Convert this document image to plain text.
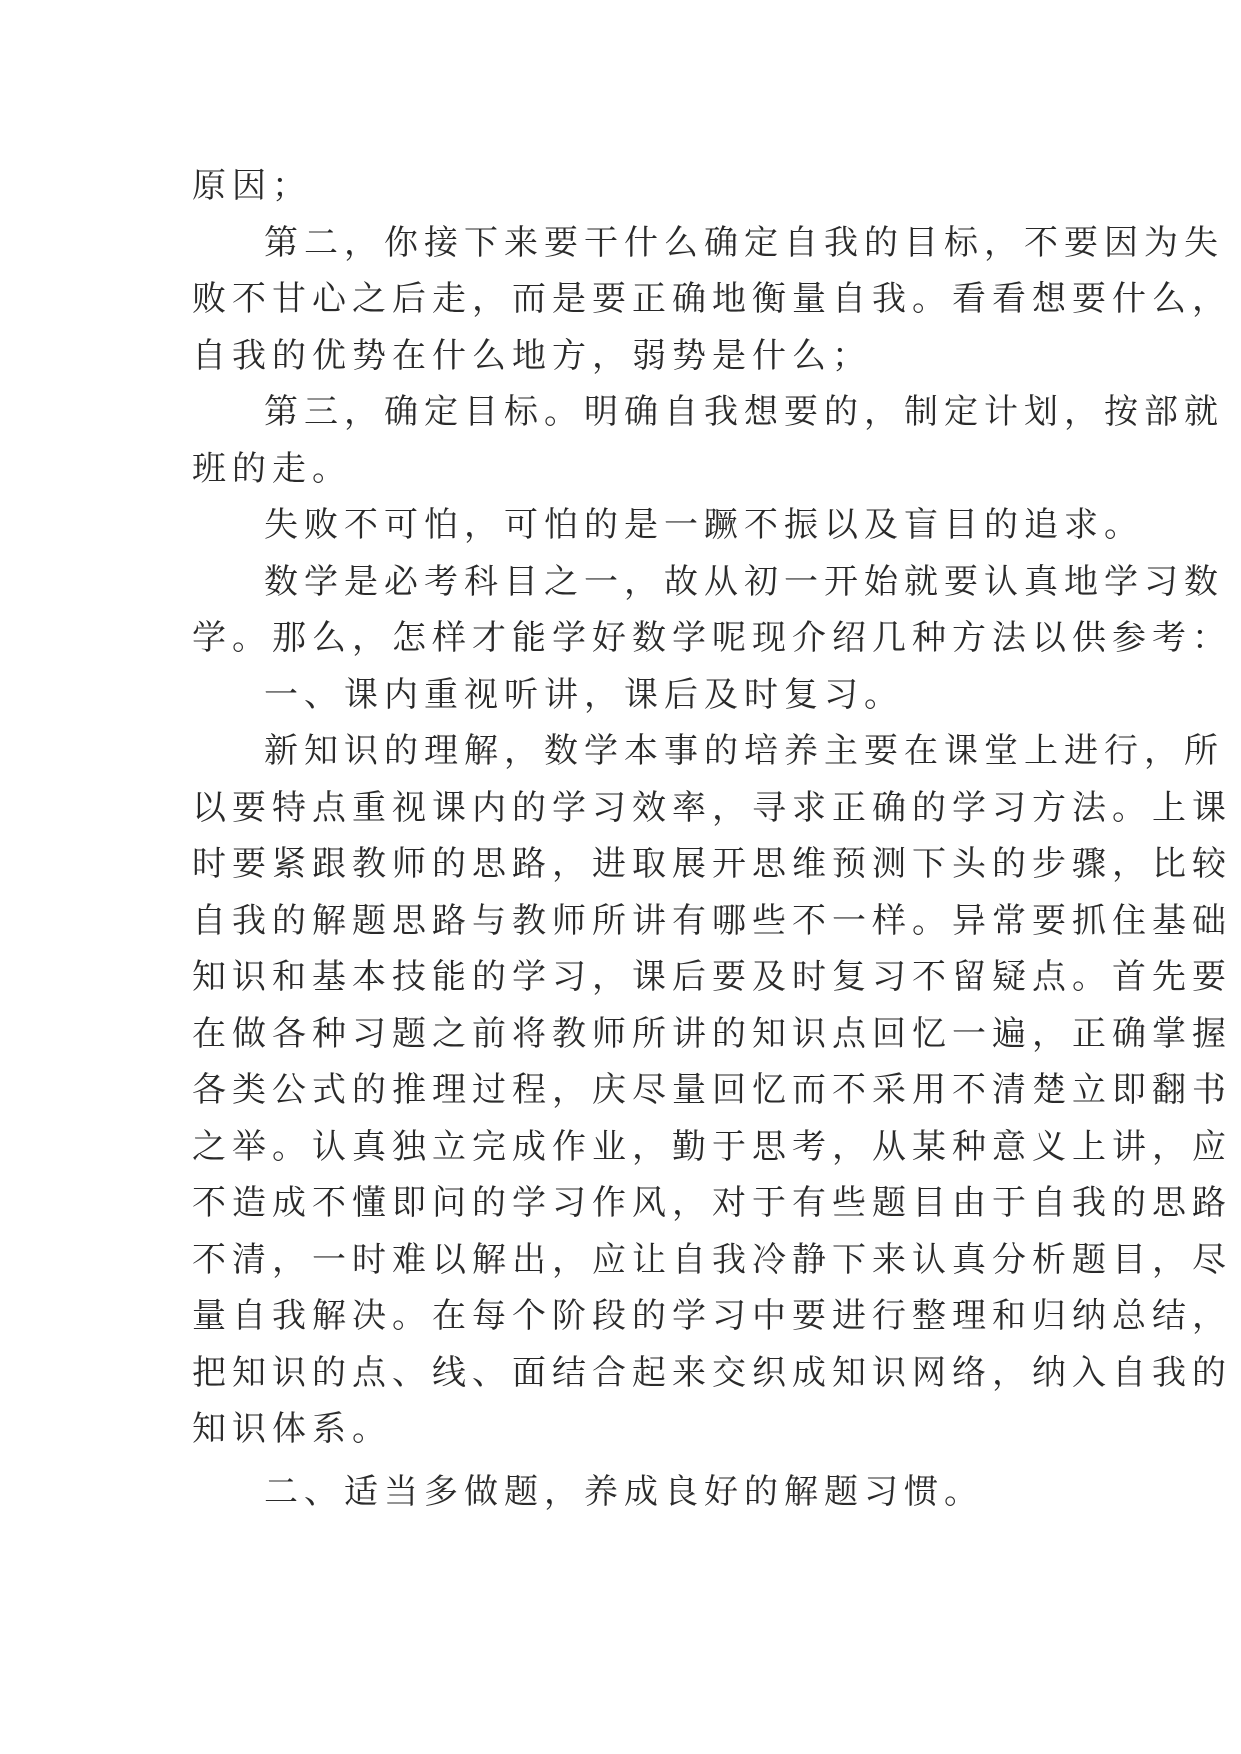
原因；
第二，你接下来要干什么确定自我的目标，不要因为失
败不甘心之后走，而是要正确地衡量自我。看看想要什么，
自我的优势在什么地方，弱势是什么；
第三，确定目标。明确自我想要的，制定计划，按部就
班的走。
失败不可怕，可怕的是一蹶不振以及盲目的追求。
数学是必考科目之一，故从初一开始就要认真地学习数
学。那么，怎样才能学好数学呢现介绍几种方法以供参考：
一、课内重视听讲，课后及时复习。
新知识的理解，数学本事的培养主要在课堂上进行，所
以要特点重视课内的学习效率，寻求正确的学习方法。上课
时要紧跟教师的思路，进取展开思维预测下头的步骤，比较
自我的解题思路与教师所讲有哪些不一样。异常要抓住基础
知识和基本技能的学习，课后要及时复习不留疑点。首先要
在做各种习题之前将教师所讲的知识点回忆一遍，正确掌握
各类公式的推理过程，庆尽量回忆而不采用不清楚立即翻书
之举。认真独立完成作业，勤于思考，从某种意义上讲，应
不造成不懂即问的学习作风，对于有些题目由于自我的思路
不清，一时难以解出，应让自我冷静下来认真分析题目，尽
量自我解决。在每个阶段的学习中要进行整理和归纳总结，
把知识的点、线、面结合起来交织成知识网络，纳入自我的
知识体系。
二、适当多做题，养成良好的解题习惯。
